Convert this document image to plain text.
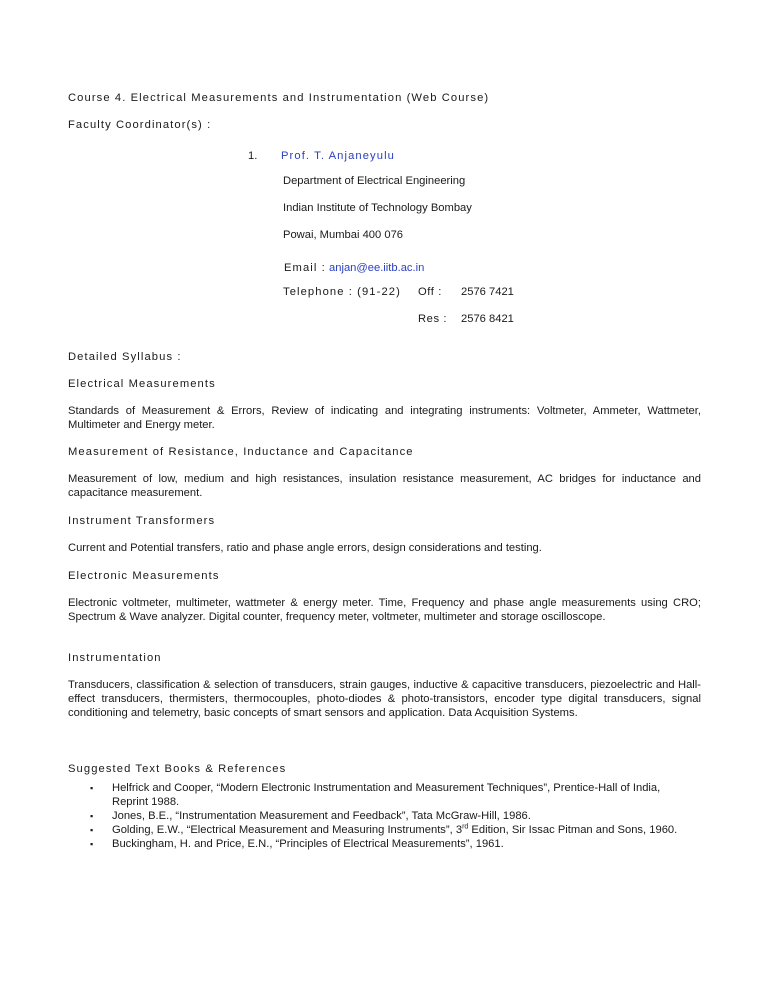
Course 4. Electrical Measurements and Instrumentation (Web Course)
Faculty Coordinator(s) :
1. Prof. T. Anjaneyulu
Department of Electrical Engineering
Indian Institute of Technology Bombay
Powai, Mumbai 400 076
Email : anjan@ee.iitb.ac.in
Telephone : (91-22) Off : 2576 7421
Res : 2576 8421
Detailed Syllabus :
Electrical Measurements
Standards of Measurement & Errors, Review of indicating and integrating instruments: Voltmeter, Ammeter, Wattmeter, Multimeter and Energy meter.
Measurement of Resistance, Inductance and Capacitance
Measurement of low, medium and high resistances, insulation resistance measurement, AC bridges for inductance and capacitance measurement.
Instrument Transformers
Current and Potential transfers, ratio and phase angle errors, design considerations and testing.
Electronic Measurements
Electronic voltmeter, multimeter, wattmeter & energy meter. Time, Frequency and phase angle measurements using CRO; Spectrum & Wave analyzer. Digital counter, frequency meter, voltmeter, multimeter and storage oscilloscope.
Instrumentation
Transducers, classification & selection of transducers, strain gauges, inductive & capacitive transducers, piezoelectric and Hall-effect transducers, thermisters, thermocouples, photo-diodes & photo-transistors, encoder type digital transducers, signal conditioning and telemetry, basic concepts of smart sensors and application. Data Acquisition Systems.
Suggested Text Books & References
▪ Helfrick and Cooper, “Modern Electronic Instrumentation and Measurement Techniques”, Prentice-Hall of India, Reprint 1988.
▪ Jones, B.E., “Instrumentation Measurement and Feedback”, Tata McGraw-Hill, 1986.
▪ Golding, E.W., “Electrical Measurement and Measuring Instruments”, 3rd Edition, Sir Issac Pitman and Sons, 1960.
▪ Buckingham, H. and Price, E.N., “Principles of Electrical Measurements”, 1961.
